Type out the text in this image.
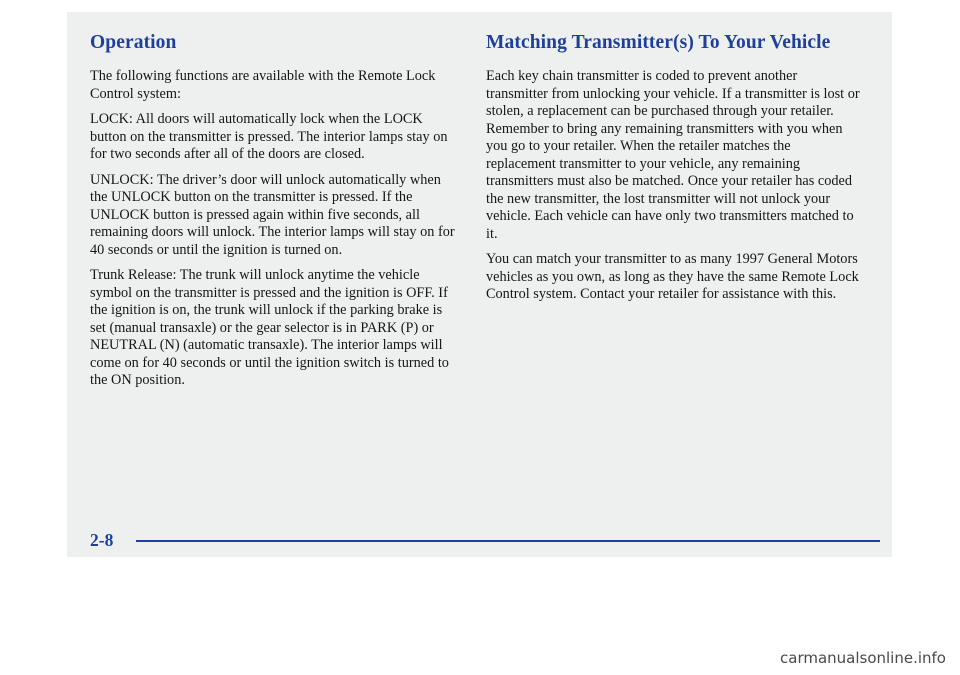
Operation

The following functions are available with the Remote Lock Control system:

LOCK: All doors will automatically lock when the LOCK button on the transmitter is pressed. The interior lamps stay on for two seconds after all of the doors are closed.

UNLOCK: The driver’s door will unlock automatically when the UNLOCK button on the transmitter is pressed. If the UNLOCK button is pressed again within five seconds, all remaining doors will unlock. The interior lamps will stay on for 40 seconds or until the ignition is turned on.

Trunk Release: The trunk will unlock anytime the vehicle symbol on the transmitter is pressed and the ignition is OFF. If the ignition is on, the trunk will unlock if the parking brake is set (manual transaxle) or the gear selector is in PARK (P) or NEUTRAL (N) (automatic transaxle). The interior lamps will come on for 40 seconds or until the ignition switch is turned to the ON position.

Matching Transmitter(s) To Your Vehicle

Each key chain transmitter is coded to prevent another transmitter from unlocking your vehicle. If a transmitter is lost or stolen, a replacement can be purchased through your retailer. Remember to bring any remaining transmitters with you when you go to your retailer. When the retailer matches the replacement transmitter to your vehicle, any remaining transmitters must also be matched. Once your retailer has coded the new transmitter, the lost transmitter will not unlock your vehicle. Each vehicle can have only two transmitters matched to it.

You can match your transmitter to as many 1997 General Motors vehicles as you own, as long as they have the same Remote Lock Control system. Contact your retailer for assistance with this.

2-8
carmanualsonline.info
